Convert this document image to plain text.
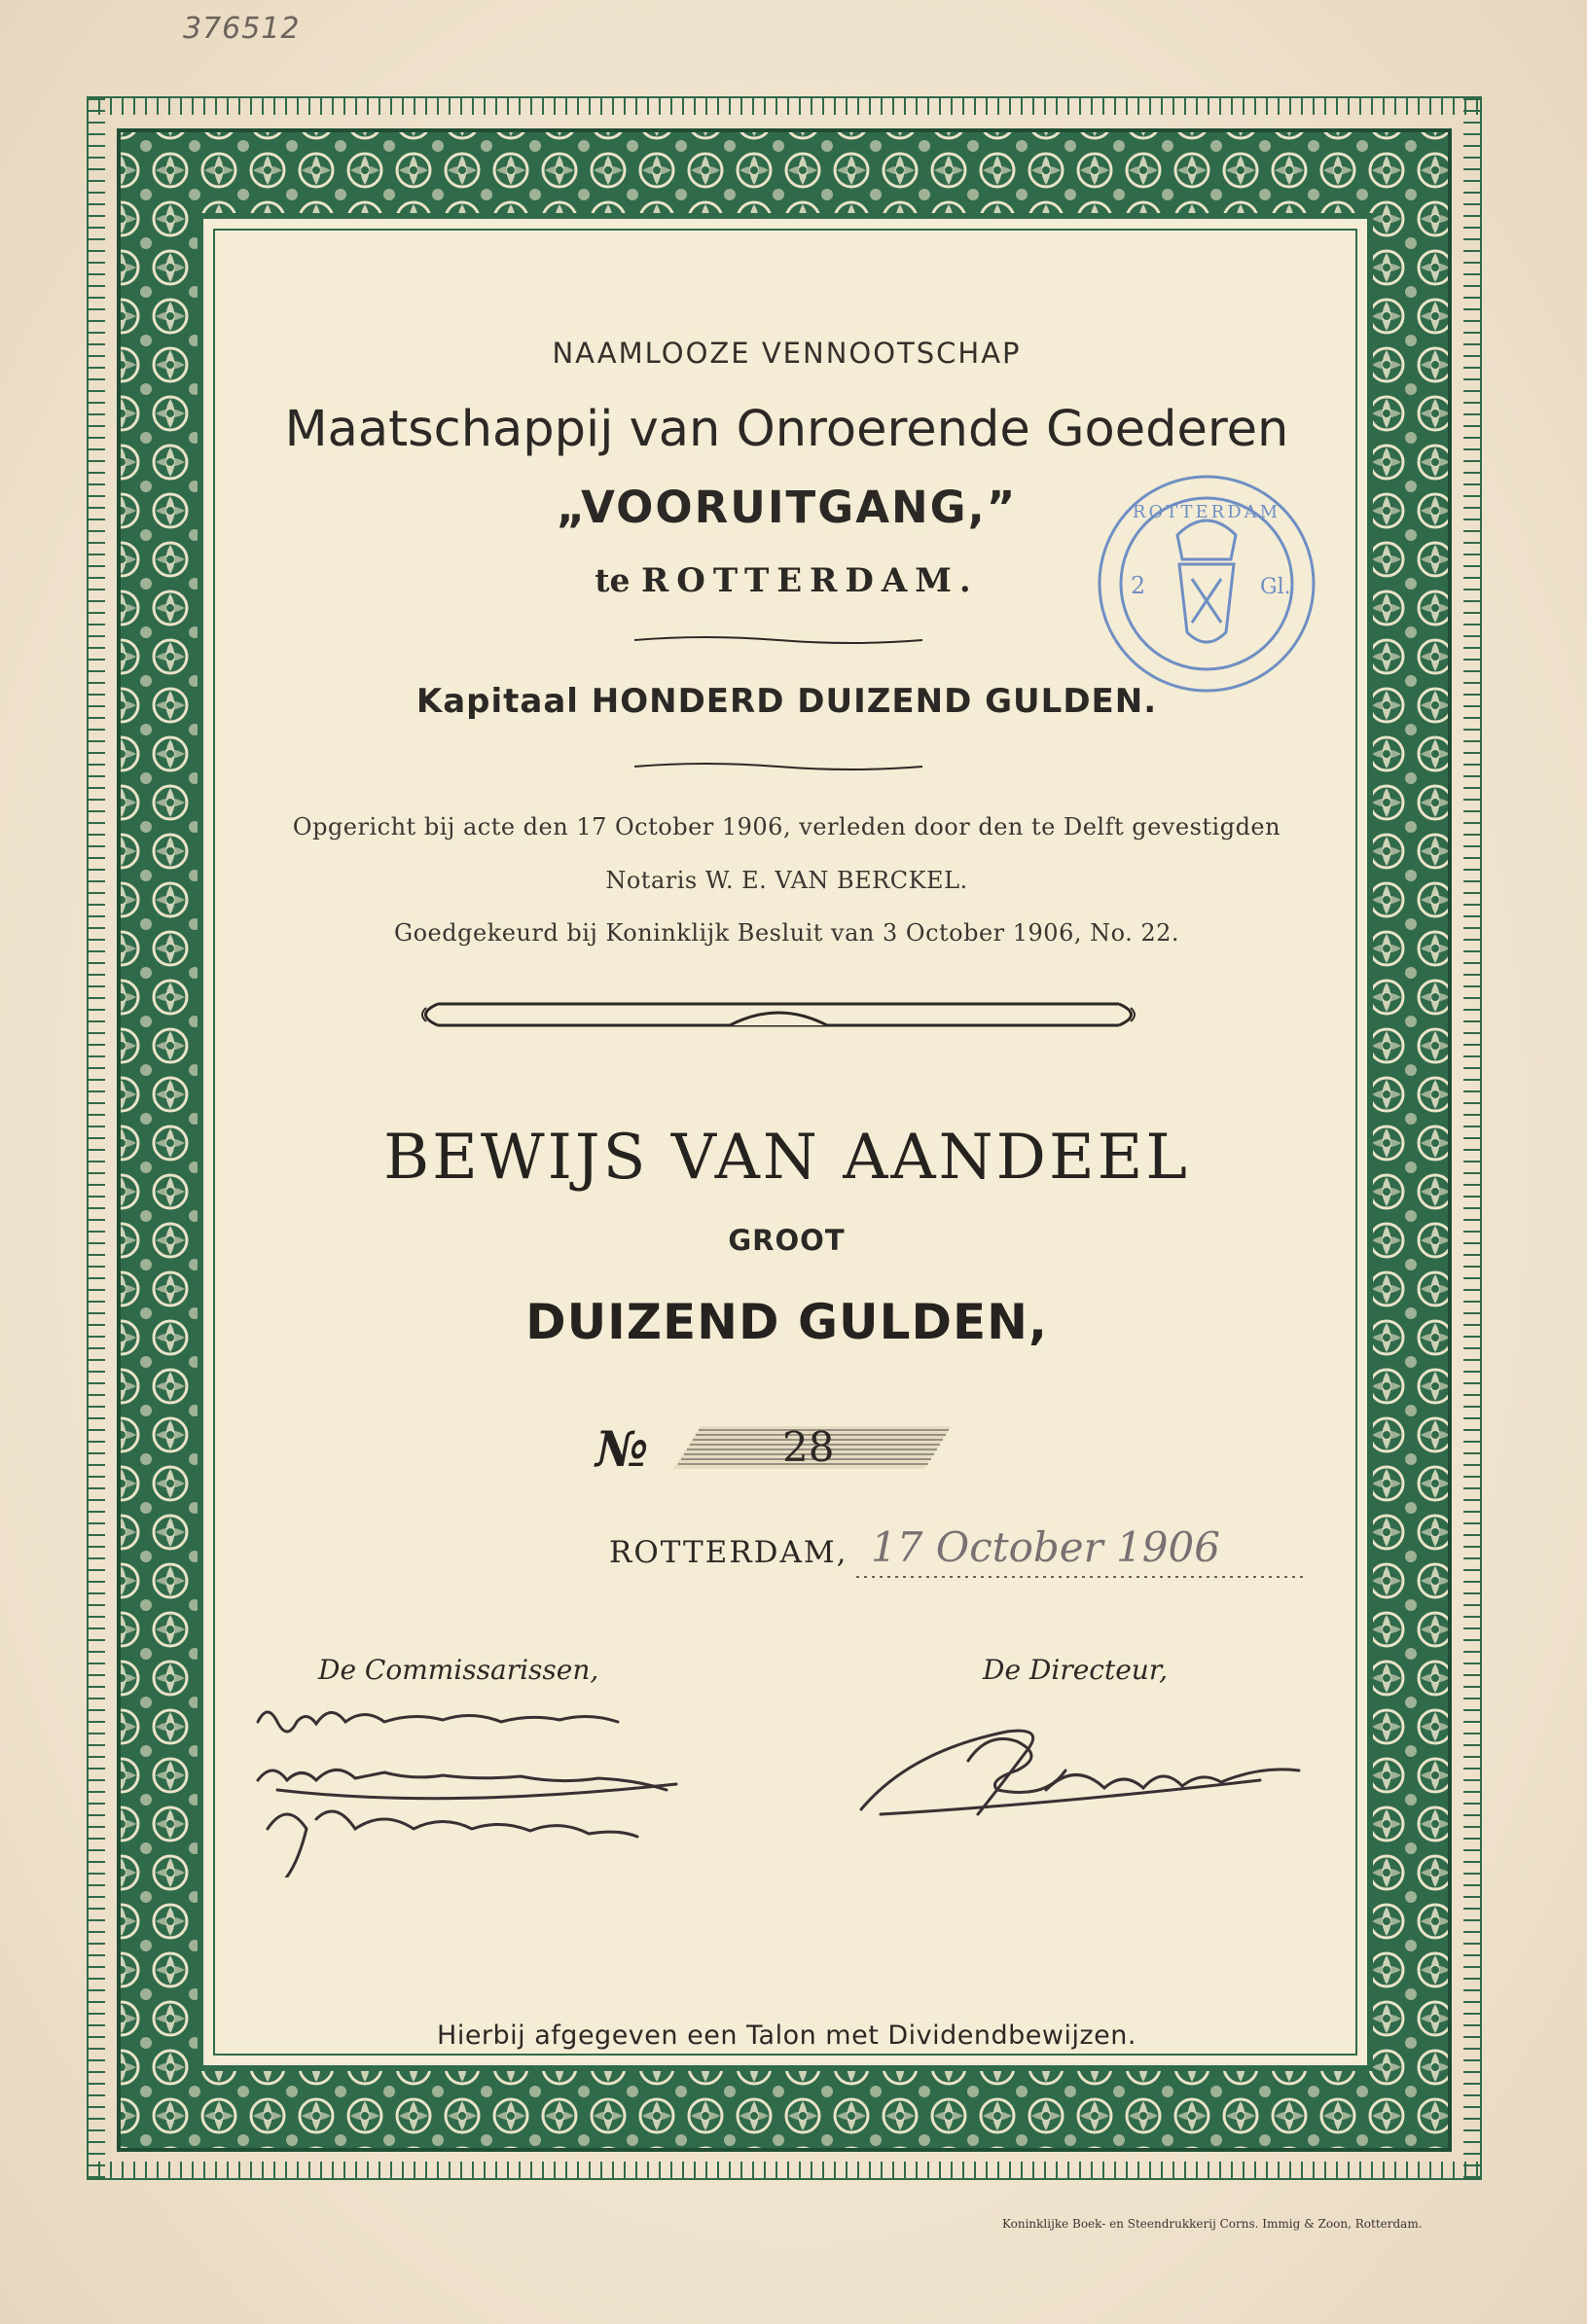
376512
NAAMLOOZE VENNOOTSCHAP
Maatschappij van Onroerende Goederen
„VOORUITGANG,”
te ROTTERDAM.
Kapitaal HONDERD DUIZEND GULDEN.
Opgericht bij acte den 17 October 1906, verleden door den te Delft gevestigden
Notaris W. E. VAN BERCKEL.
Goedgekeurd bij Koninklijk Besluit van 3 October 1906, No. 22.
BEWIJS VAN AANDEEL
GROOT
DUIZEND GULDEN,
№	28
ROTTERDAM, 17 October 1906
De Commissarissen,	De Directeur,
ROTTERDAM
2	Gl.
Hierbij afgegeven een Talon met Dividendbewijzen.
Koninklijke Boek- en Steendrukkerij Corns. Immig & Zoon, Rotterdam.
